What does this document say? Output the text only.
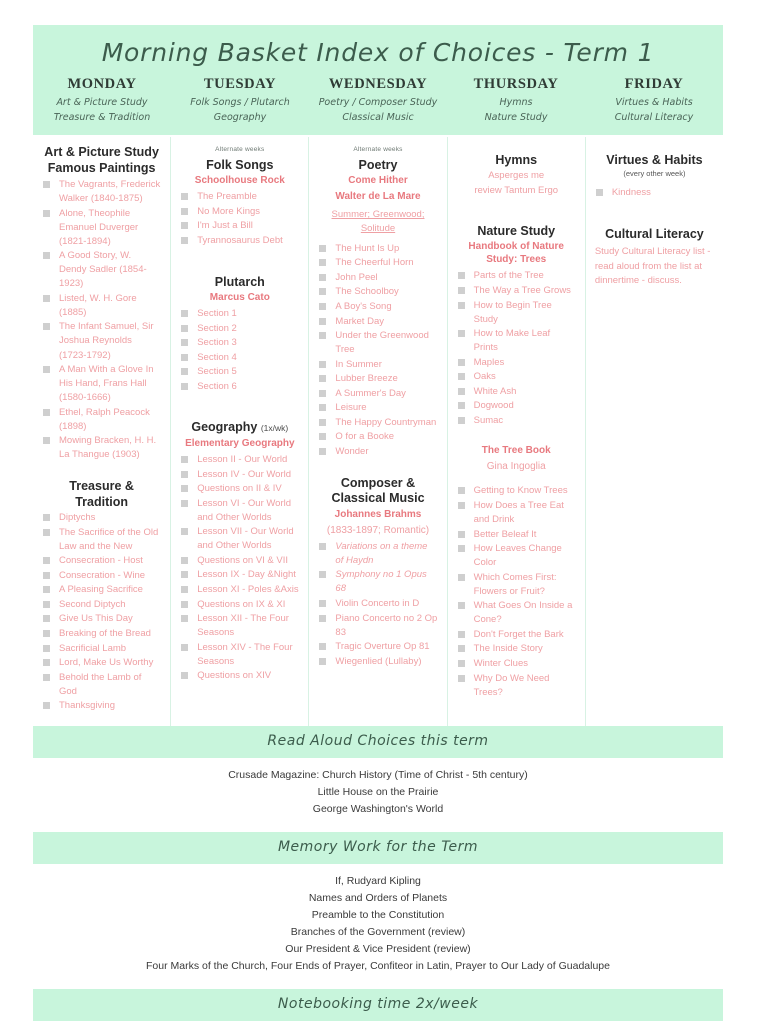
Morning Basket Index of Choices - Term 1
MONDAY
Art & Picture Study
Treasure & Tradition
TUESDAY
Folk Songs / Plutarch
Geography
WEDNESDAY
Poetry / Composer Study
Classical Music
THURSDAY
Hymns
Nature Study
FRIDAY
Virtues & Habits
Cultural Literacy
Art & Picture Study
Famous Paintings
The Vagrants, Frederick Walker (1840-1875)
Alone, Theophile Emanuel Duverger (1821-1894)
A Good Story, W. Dendy Sadler (1854-1923)
Listed, W. H. Gore (1885)
The Infant Samuel, Sir Joshua Reynolds (1723-1792)
A Man With a Glove In His Hand, Frans Hall (1580-1666)
Ethel, Ralph Peacock (1898)
Mowing Bracken, H. H. La Thangue (1903)
Treasure & Tradition
Diptychs
The Sacrifice of the Old Law and the New
Consecration - Host
Consecration - Wine
A Pleasing Sacrifice
Second Diptych
Give Us This Day
Breaking of the Bread
Sacrificial Lamb
Lord, Make Us Worthy
Behold the Lamb of God
Thanksgiving
Alternate weeks
Folk Songs
Schoolhouse Rock
The Preamble
No More Kings
I'm Just a Bill
Tyrannosaurus Debt
Plutarch
Marcus Cato
Section 1
Section 2
Section 3
Section 4
Section 5
Section 6
Geography (1x/wk)
Elementary Geography
Lesson II - Our World
Lesson IV - Our World
Questions on II & IV
Lesson VI - Our World and Other Worlds
Lesson VII - Our World and Other Worlds
Questions on VI & VII
Lesson IX - Day &Night
Lesson XI - Poles &Axis
Questions on IX & XI
Lesson XII - The Four Seasons
Lesson XIV - The Four Seasons
Questions on XIV
Alternate weeks
Poetry
Come Hither
Walter de La Mare
Summer; Greenwood; Solitude
The Hunt Is Up
The Cheerful Horn
John Peel
The Schoolboy
A Boy's Song
Market Day
Under the Greenwood Tree
In Summer
Lubber Breeze
A Summer's Day
Leisure
The Happy Countryman
O for a Booke
Wonder
Composer & Classical Music
Johannes Brahms
(1833-1897; Romantic)
Variations on a theme of Haydn
Symphony no 1 Opus 68
Violin Concerto in D
Piano Concerto no 2 Op 83
Tragic Overture Op 81
Wiegenlied (Lullaby)
Hymns
Asperges me
review Tantum Ergo
Nature Study
Handbook of Nature Study: Trees
Parts of the Tree
The Way a Tree Grows
How to Begin Tree Study
How to Make Leaf Prints
Maples
Oaks
White Ash
Dogwood
Sumac
The Tree Book
Gina Ingoglia
Getting to Know Trees
How Does a Tree Eat and Drink
Better Beleaf It
How Leaves Change Color
Which Comes First: Flowers or Fruit?
What Goes On Inside a Cone?
Don't Forget the Bark
The Inside Story
Winter Clues
Why Do We Need Trees?
Virtues & Habits
(every other week)
Kindness
Cultural Literacy
Study Cultural Literacy list - read aloud from the list at dinnertime - discuss.
Read Aloud Choices this term
Crusade Magazine: Church History (Time of Christ - 5th century)
Little House on the Prairie
George Washington's World
Memory Work for the Term
If, Rudyard Kipling
Names and Orders of Planets
Preamble to the Constitution
Branches of the Government (review)
Our President & Vice President (review)
Four Marks of the Church, Four Ends of Prayer, Confiteor in Latin, Prayer to Our Lady of Guadalupe
Notebooking time 2x/week
